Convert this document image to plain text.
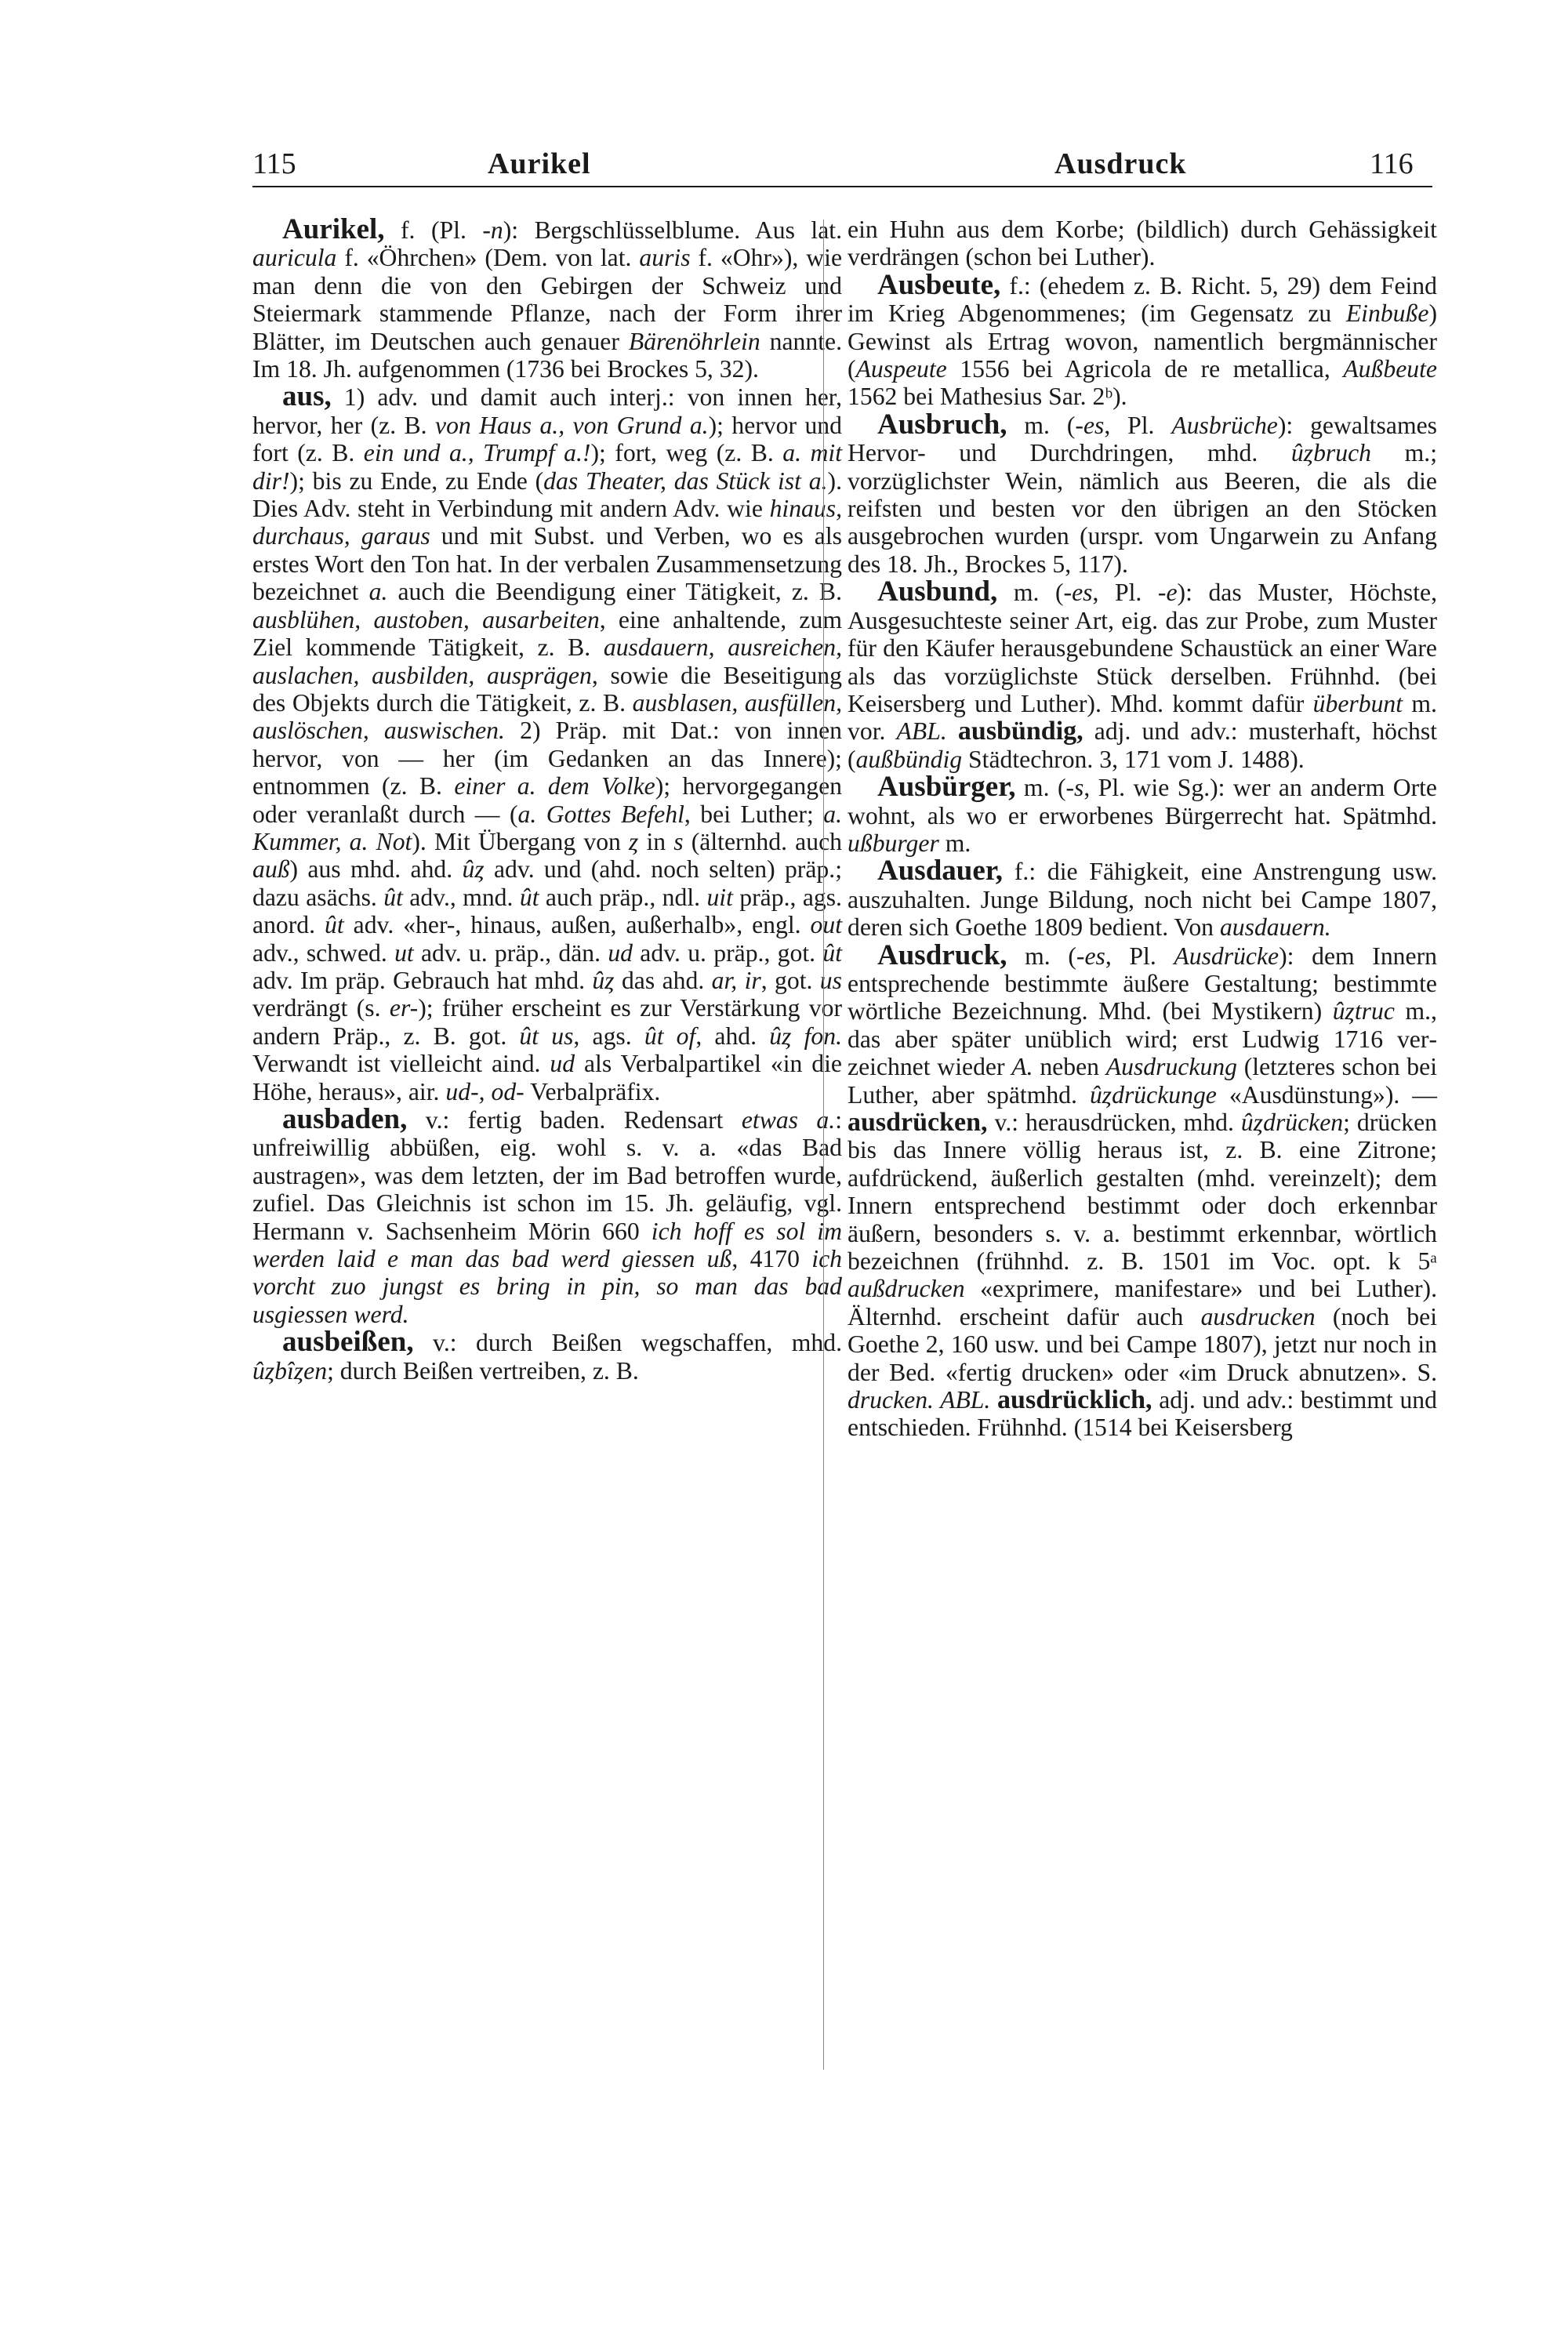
115	Aurikel	Ausdruck	116

Aurikel, f. (Pl. -n): Bergschlüsselblume. Aus lat. auricula f. «Öhrchen» (Dem. von lat. auris f. «Ohr»), wie man denn die von den Gebirgen der Schweiz und Steiermark stammende Pflanze, nach der Form ihrer Blätter, im Deutschen auch genauer Bärenöhrlein nannte. Im 18. Jh. aufgenommen (1736 bei Brockes 5, 32).

aus, 1) adv. und damit auch interj.: von innen her, hervor, her (z. B. von Haus a., von Grund a.); hervor und fort (z. B. ein und a., Trumpf a.!); fort, weg (z. B. a. mit dir!); bis zu Ende, zu Ende (das Theater, das Stück ist a.). Dies Adv. steht in Verbindung mit andern Adv. wie hinaus, durchaus, garaus und mit Subst. und Verben, wo es als erstes Wort den Ton hat. In der verbalen Zusammensetzung bezeichnet a. auch die Beendigung einer Tätigkeit, z. B. ausblühen, austoben, ausarbeiten, eine anhaltende, zum Ziel kommende Tätigkeit, z. B. ausdauern, ausreichen, auslachen, ausbilden, ausprägen, sowie die Beseitigung des Objekts durch die Tätigkeit, z. B. ausblasen, ausfüllen, auslöschen, auswischen. 2) Präp. mit Dat.: von innen hervor, von — her (im Gedanken an das Innere); entnommen (z. B. einer a. dem Volke); hervorgegangen oder veranlaßt durch — (a. Gottes Befehl, bei Luther; a. Kummer, a. Not). Mit Übergang von ȥ in s (älternhd. auch auß) aus mhd. ahd. ûȥ adv. und (ahd. noch selten) präp.; dazu asächs. ût adv., mnd. ût auch präp., ndl. uit präp., ags. anord. ût adv. «her-, hinaus, außen, außerhalb», engl. out adv., schwed. ut adv. u. präp., dän. ud adv. u. präp., got. ût adv. Im präp. Gebrauch hat mhd. ûȥ das ahd. ar, ir, got. us verdrängt (s. er-); früher erscheint es zur Verstärkung vor andern Präp., z. B. got. ût us, ags. ût of, ahd. ûȥ fon. Verwandt ist vielleicht aind. ud als Verbalpartikel «in die Höhe, heraus», air. ud-, od- Verbalpräfix.

ausbaden, v.: fertig baden. Redensart etwas a.: unfreiwillig abbüßen, eig. wohl s. v. a. «das Bad austragen», was dem letzten, der im Bad betroffen wurde, zufiel. Das Gleichnis ist schon im 15. Jh. geläufig, vgl. Hermann v. Sachsenheim Mörin 660 ich hoff es sol im werden laid e man das bad werd giessen uß, 4170 ich vorcht zuo jungst es bring in pin, so man das bad usgiessen werd.

ausbeißen, v.: durch Beißen wegschaffen, mhd. ûȥbîȥen; durch Beißen vertreiben, z. B.

ein Huhn aus dem Korbe; (bildlich) durch Gehässigkeit verdrängen (schon bei Luther).

Ausbeute, f.: (ehedem z. B. Richt. 5, 29) dem Feind im Krieg Abgenommenes; (im Gegensatz zu Einbuße) Gewinst als Ertrag wovon, namentlich bergmännischer (Auspeute 1556 bei Agricola de re metallica, Außbeute 1562 bei Mathesius Sar. 2ᵇ).

Ausbruch, m. (-es, Pl. Ausbrüche): gewaltsames Hervor- und Durchdringen, mhd. ûȥbruch m.; vorzüglichster Wein, nämlich aus Beeren, die als die reifsten und besten vor den übrigen an den Stöcken ausgebrochen wurden (urspr. vom Ungarwein zu Anfang des 18. Jh., Brockes 5, 117).

Ausbund, m. (-es, Pl. -e): das Muster, Höchste, Ausgesuchteste seiner Art, eig. das zur Probe, zum Muster für den Käufer herausgebundene Schaustück an einer Ware als das vorzüglichste Stück derselben. Frühnhd. (bei Keisersberg und Luther). Mhd. kommt dafür überbunt m. vor. ABL. ausbündig, adj. und adv.: musterhaft, höchst (außbündig Städtechron. 3, 171 vom J. 1488).

Ausbürger, m. (-s, Pl. wie Sg.): wer an anderm Orte wohnt, als wo er erworbenes Bürgerrecht hat. Spätmhd. ußburger m.

Ausdauer, f.: die Fähigkeit, eine Anstrengung usw. auszuhalten. Junge Bildung, noch nicht bei Campe 1807, deren sich Goethe 1809 bedient. Von ausdauern.

Ausdruck, m. (-es, Pl. Ausdrücke): dem Innern entsprechende bestimmte äußere Gestaltung; bestimmte wörtliche Bezeichnung. Mhd. (bei Mystikern) ûȥtruc m., das aber später unüblich wird; erst Ludwig 1716 verzeichnet wieder A. neben Ausdruckung (letzteres schon bei Luther, aber spätmhd. ûȥdrückunge «Ausdünstung»). — ausdrücken, v.: herausdrücken, mhd. ûȥdrücken; drücken bis das Innere völlig heraus ist, z. B. eine Zitrone; aufdrückend, äußerlich gestalten (mhd. vereinzelt); dem Innern entsprechend bestimmt oder doch erkennbar äußern, besonders s. v. a. bestimmt erkennbar, wörtlich bezeichnen (frühnhd. z. B. 1501 im Voc. opt. k 5ᵃ außdrucken «exprimere, manifestare» und bei Luther). Älternhd. erscheint dafür auch ausdrucken (noch bei Goethe 2, 160 usw. und bei Campe 1807), jetzt nur noch in der Bed. «fertig drucken» oder «im Druck abnutzen». S. drucken. ABL. ausdrücklich, adj. und adv.: bestimmt und entschieden. Frühnhd. (1514 bei Keisersberg
